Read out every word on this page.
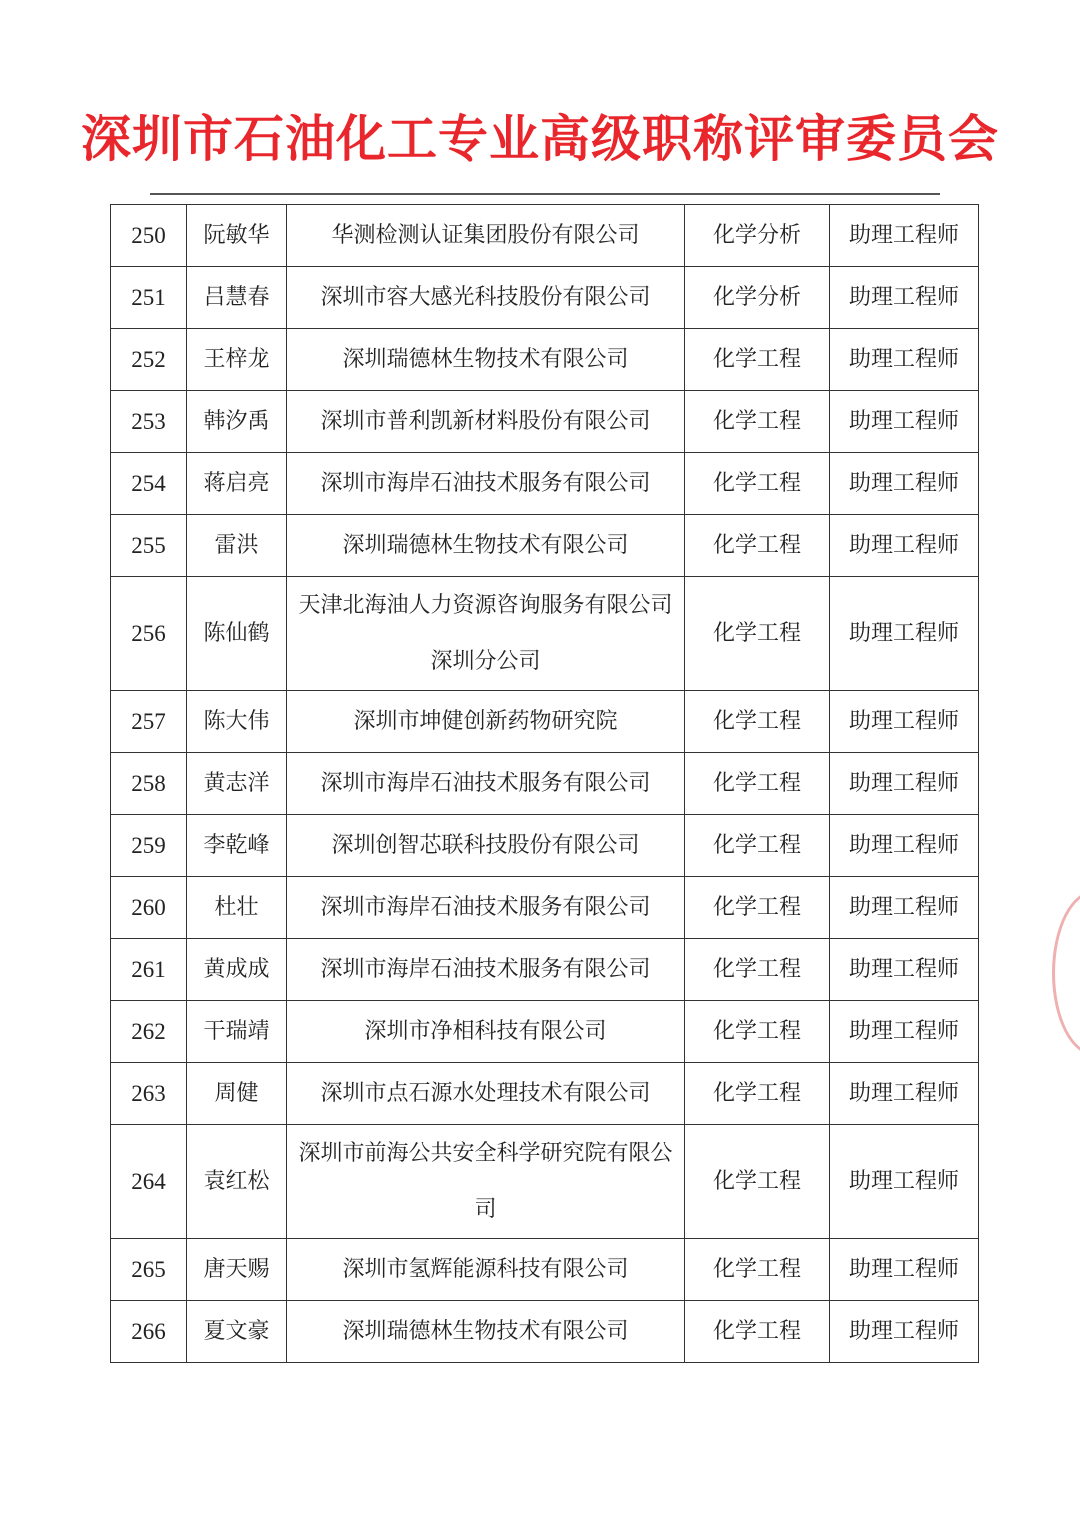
深圳市石油化工专业高级职称评审委员会
250	阮敏华	华测检测认证集团股份有限公司	化学分析	助理工程师
251	吕慧春	深圳市容大感光科技股份有限公司	化学分析	助理工程师
252	王梓龙	深圳瑞德林生物技术有限公司	化学工程	助理工程师
253	韩汐禹	深圳市普利凯新材料股份有限公司	化学工程	助理工程师
254	蒋启亮	深圳市海岸石油技术服务有限公司	化学工程	助理工程师
255	雷洪	深圳瑞德林生物技术有限公司	化学工程	助理工程师
256	陈仙鹤	天津北海油人力资源咨询服务有限公司深圳分公司	化学工程	助理工程师
257	陈大伟	深圳市坤健创新药物研究院	化学工程	助理工程师
258	黄志洋	深圳市海岸石油技术服务有限公司	化学工程	助理工程师
259	李乾峰	深圳创智芯联科技股份有限公司	化学工程	助理工程师
260	杜壮	深圳市海岸石油技术服务有限公司	化学工程	助理工程师
261	黄成成	深圳市海岸石油技术服务有限公司	化学工程	助理工程师
262	干瑞靖	深圳市净相科技有限公司	化学工程	助理工程师
263	周健	深圳市点石源水处理技术有限公司	化学工程	助理工程师
264	袁红松	深圳市前海公共安全科学研究院有限公司	化学工程	助理工程师
265	唐天赐	深圳市氢辉能源科技有限公司	化学工程	助理工程师
266	夏文豪	深圳瑞德林生物技术有限公司	化学工程	助理工程师
